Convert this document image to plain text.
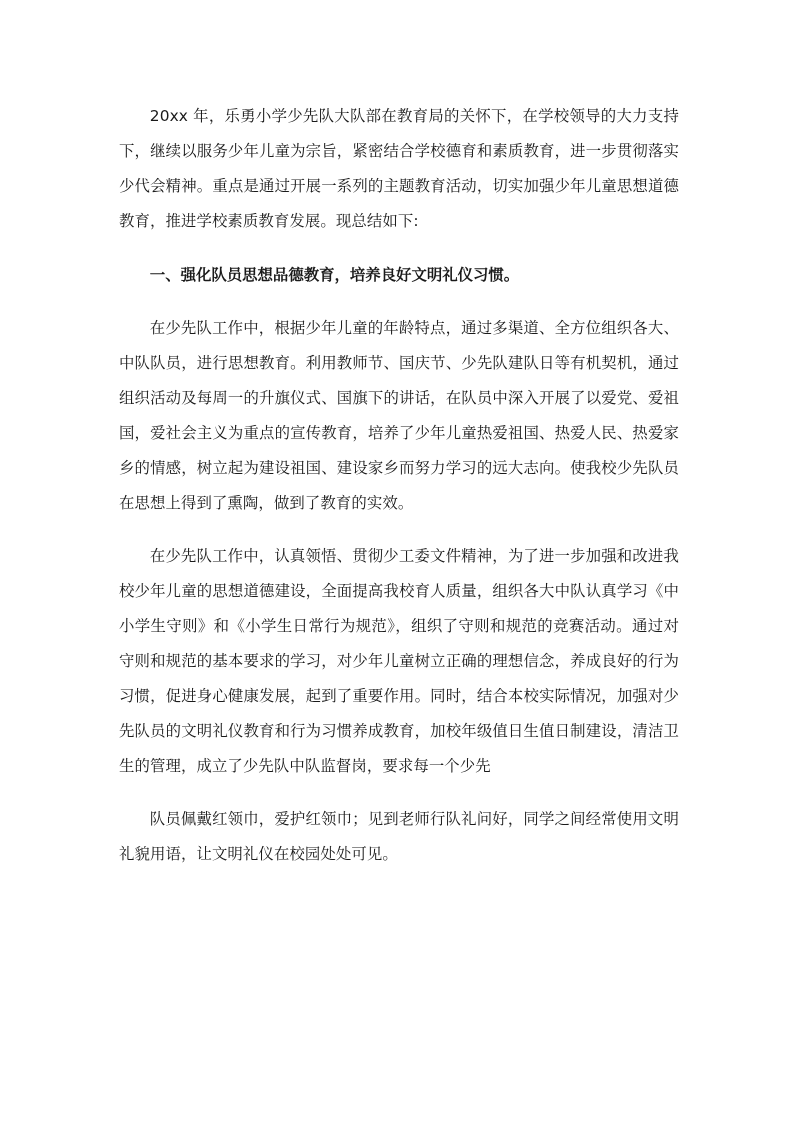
20xx 年，乐勇小学少先队大队部在教育局的关怀下，在学校领导的大力支持下，继续以服务少年儿童为宗旨，紧密结合学校德育和素质教育，进一步贯彻落实少代会精神。重点是通过开展一系列的主题教育活动，切实加强少年儿童思想道德教育，推进学校素质教育发展。现总结如下:

一、强化队员思想品德教育，培养良好文明礼仪习惯。

在少先队工作中，根据少年儿童的年龄特点，通过多渠道、全方位组织各大、中队队员，进行思想教育。利用教师节、国庆节、少先队建队日等有机契机，通过组织活动及每周一的升旗仪式、国旗下的讲话，在队员中深入开展了以爱党、爱祖国，爱社会主义为重点的宣传教育，培养了少年儿童热爱祖国、热爱人民、热爱家乡的情感，树立起为建设祖国、建设家乡而努力学习的远大志向。使我校少先队员在思想上得到了熏陶，做到了教育的实效。

在少先队工作中，认真领悟、贯彻少工委文件精神，为了进一步加强和改进我校少年儿童的思想道德建设，全面提高我校育人质量，组织各大中队认真学习《中小学生守则》和《小学生日常行为规范》，组织了守则和规范的竞赛活动。通过对守则和规范的基本要求的学习，对少年儿童树立正确的理想信念，养成良好的行为习惯，促进身心健康发展，起到了重要作用。同时，结合本校实际情况，加强对少先队员的文明礼仪教育和行为习惯养成教育，加校年级值日生值日制建设，清洁卫生的管理，成立了少先队中队监督岗，要求每一个少先

队员佩戴红领巾，爱护红领巾；见到老师行队礼问好，同学之间经常使用文明礼貌用语，让文明礼仪在校园处处可见。
